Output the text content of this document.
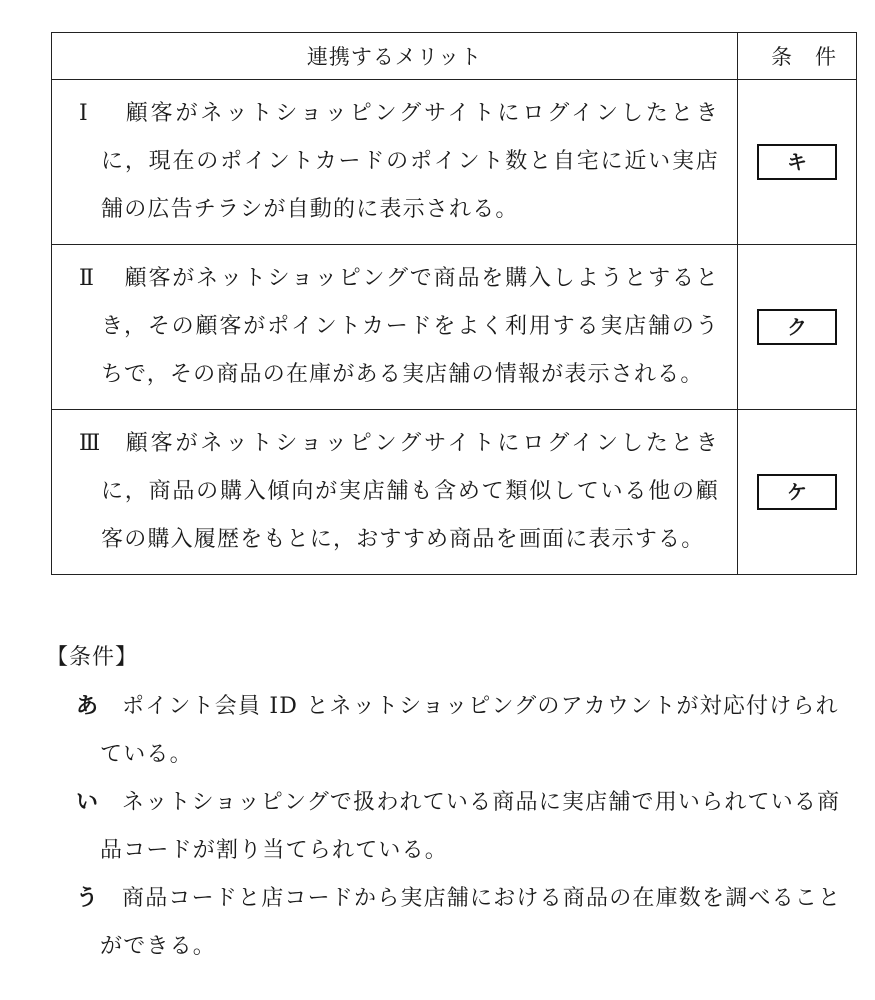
連携するメリット	条　件

Ⅰ 顧客がネットショッピングサイトにログインしたときに，現在のポイントカードのポイント数と自宅に近い実店舗の広告チラシが自動的に表示される。	キ

Ⅱ 顧客がネットショッピングで商品を購入しようとするとき，その顧客がポイントカードをよく利用する実店舗のうちで，その商品の在庫がある実店舗の情報が表示される。	ク

Ⅲ 顧客がネットショッピングサイトにログインしたときに，商品の購入傾向が実店舗も含めて類似している他の顧客の購入履歴をもとに，おすすめ商品を画面に表示する。	ケ
【条件】
あ	ポイント会員 ID とネットショッピングのアカウントが対応付けられ
ている。
い	ネットショッピングで扱われている商品に実店舗で用いられている商
品コードが割り当てられている。
う	商品コードと店コードから実店舗における商品の在庫数を調べること
ができる。
